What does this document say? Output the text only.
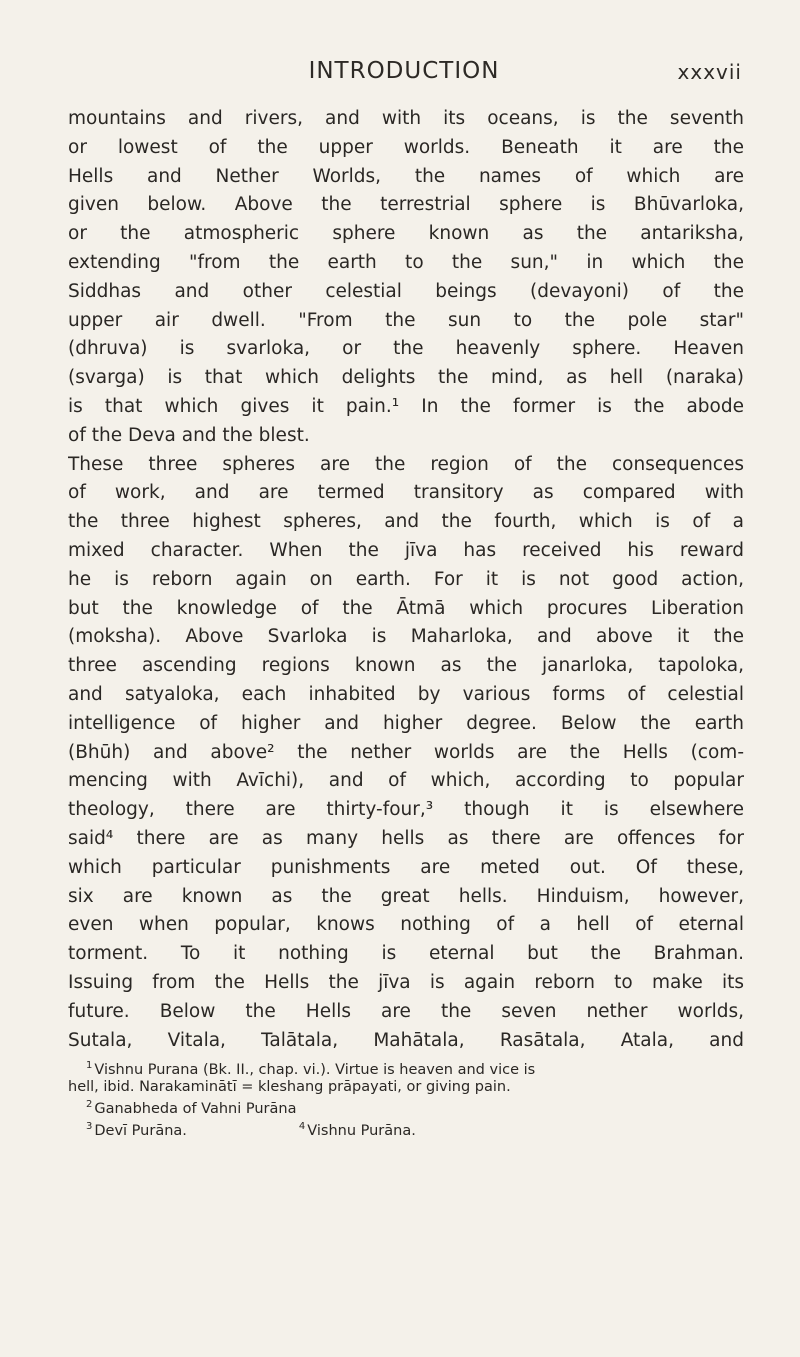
INTRODUCTION	xxxvii

mountains and rivers, and with its oceans, is the seventh
or lowest of the upper worlds. Beneath it are the
Hells and Nether Worlds, the names of which are
given below. Above the terrestrial sphere is Bhūvarloka,
or the atmospheric sphere known as the antariksha,
extending "from the earth to the sun," in which the
Siddhas and other celestial beings (devayoni) of the
upper air dwell. "From the sun to the pole star"
(dhruva) is svarloka, or the heavenly sphere. Heaven
(svarga) is that which delights the mind, as hell (naraka)
is that which gives it pain.¹ In the former is the abode
of the Deva and the blest.

These three spheres are the region of the consequences
of work, and are termed transitory as compared with
the three highest spheres, and the fourth, which is of a
mixed character. When the jīva has received his reward
he is reborn again on earth. For it is not good action,
but the knowledge of the Ātmā which procures Liberation
(moksha). Above Svarloka is Maharloka, and above it the
three ascending regions known as the janarloka, tapoloka,
and satyaloka, each inhabited by various forms of celestial
intelligence of higher and higher degree. Below the earth
(Bhūh) and above² the nether worlds are the Hells (com-
mencing with Avīchi), and of which, according to popular
theology, there are thirty-four,³ though it is elsewhere
said⁴ there are as many hells as there are offences for
which particular punishments are meted out. Of these,
six are known as the great hells. Hinduism, however,
even when popular, knows nothing of a hell of eternal
torment. To it nothing is eternal but the Brahman.
Issuing from the Hells the jīva is again reborn to make its
future. Below the Hells are the seven nether worlds,
Sutala, Vitala, Talātala, Mahātala, Rasātala, Atala, and

$^1$ Vishnu Purana (Bk. II., chap. vi.). Virtue is heaven and vice is
hell, ibid. Narakaminātī = kleshang prāpayati, or giving pain.
$^2$ Ganabheda of Vahni Purāna
$^3$ Devī Purāna.	$^4$ Vishnu Purāna.
